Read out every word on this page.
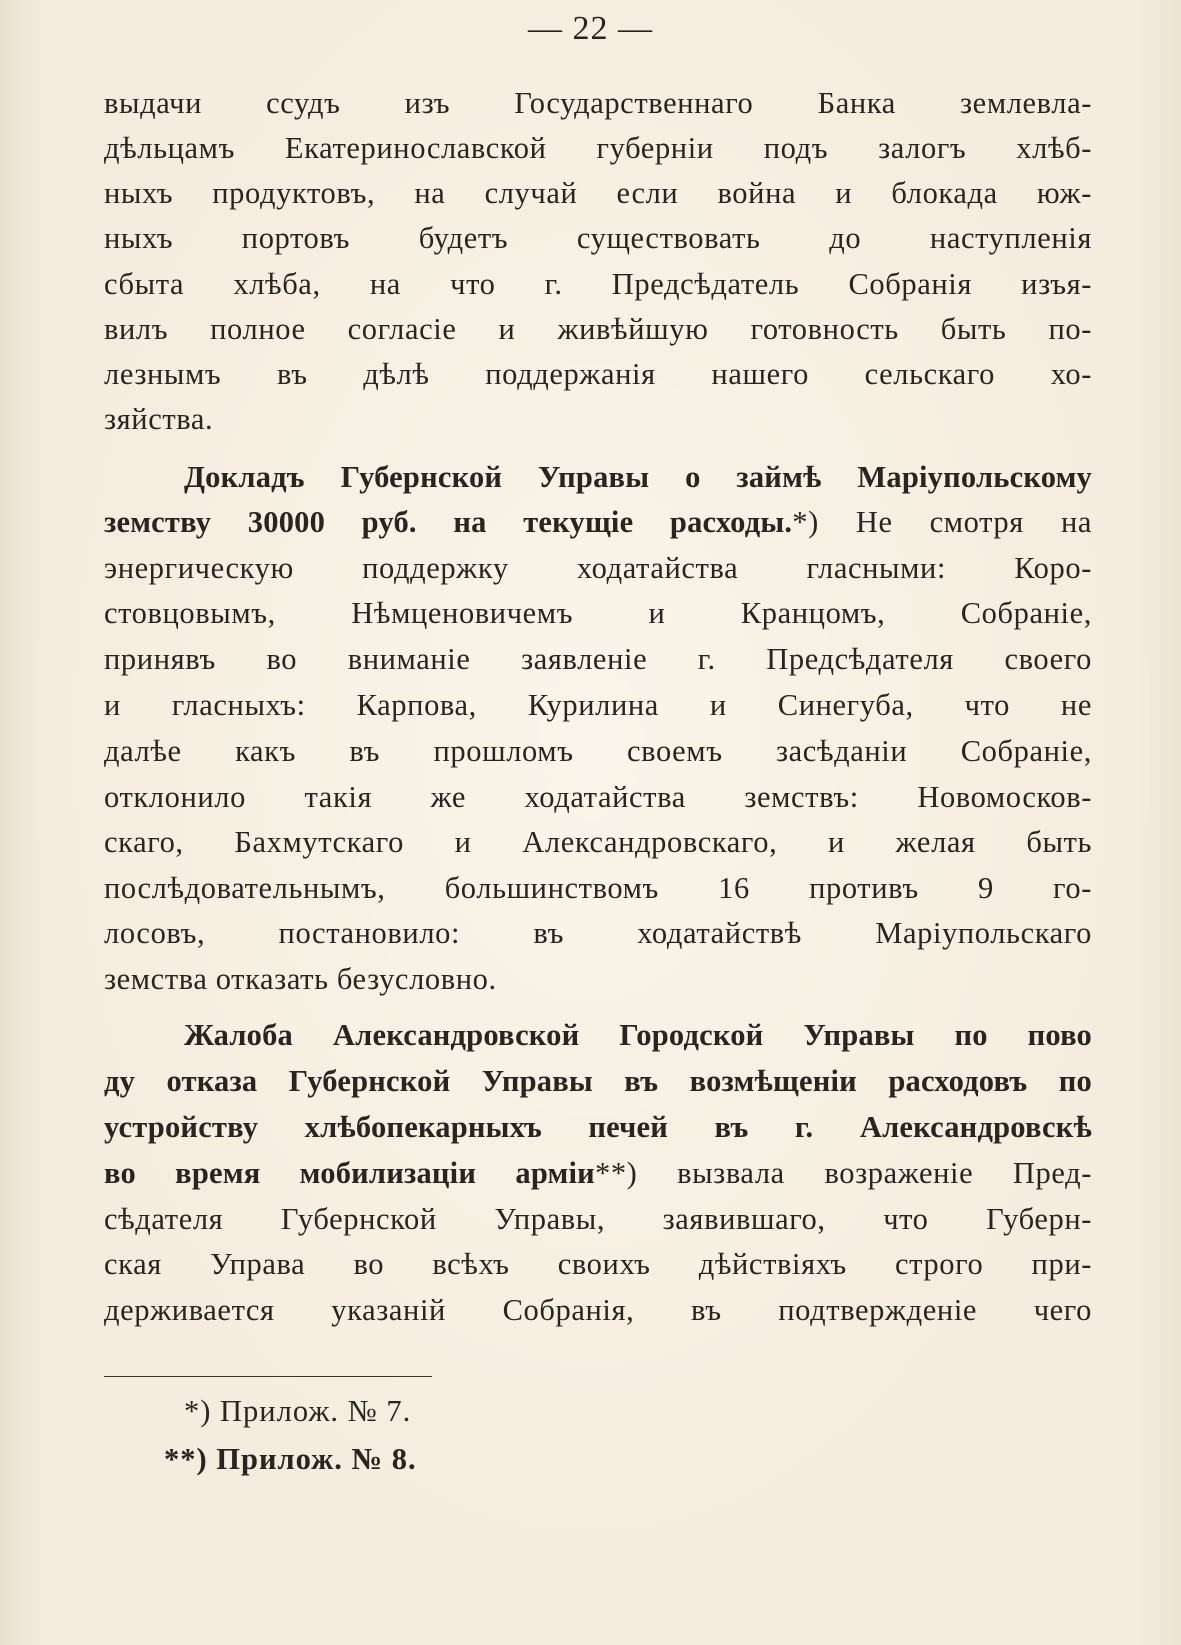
— 22 —
выдачи ссудъ изъ Государственнаго Банка землевла-
дѣльцамъ Екатеринославской губерніи подъ залогъ хлѣб-
ныхъ продуктовъ, на случай если война и блокада юж-
ныхъ портовъ будетъ существовать до наступленія
сбыта хлѣба, на что г. Предсѣдатель Собранія изъя-
вилъ полное согласіе и живѣйшую готовность быть по-
лезнымъ въ дѣлѣ поддержанія нашего сельскаго хо-
зяйства.
Докладъ Губернской Управы о займѣ Маріупольскому
земству 30000 руб. на текущіе расходы.*) Не смотря на
энергическую поддержку ходатайства гласными: Коро-
стовцовымъ, Нѣмценовичемъ и Кранцомъ, Собраніе,
принявъ во вниманіе заявленіе г. Предсѣдателя своего
и гласныхъ: Карпова, Курилина и Синегуба, что не
далѣе какъ въ прошломъ своемъ засѣданіи Собраніе,
отклонило такія же ходатайства земствъ: Новомосков-
скаго, Бахмутскаго и Александровскаго, и желая быть
послѣдовательнымъ, большинствомъ 16 противъ 9 го-
лосовъ, постановило: въ ходатайствѣ Маріупольскаго
земства отказать безусловно.
Жалоба Александровской Городской Управы по пово
ду отказа Губернской Управы въ возмѣщеніи расходовъ по
устройству хлѣбопекарныхъ печей въ г. Александровскѣ
во время мобилизаціи арміи**) вызвала возраженіе Пред-
сѣдателя Губернской Управы, заявившаго, что Губерн-
ская Управа во всѣхъ своихъ дѣйствіяхъ строго при-
держивается указаній Собранія, въ подтвержденіе чего
*) Прилож. № 7.
**) Прилож. № 8.
